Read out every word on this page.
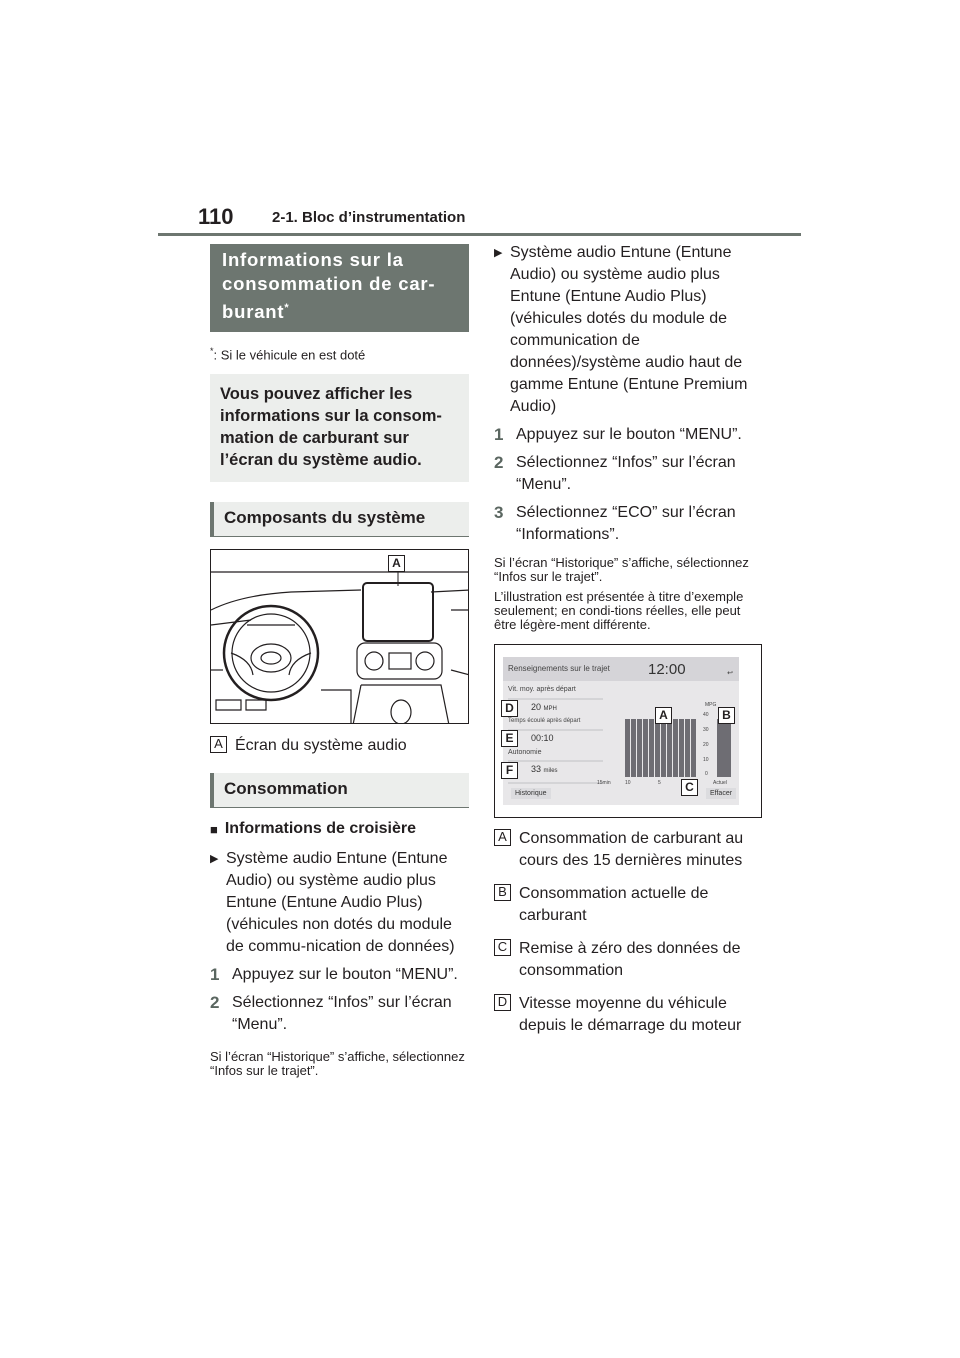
110	2-1. Bloc d’instrumentation
Informations sur la
consommation de car-
burant*
*: Si le véhicule en est doté
Vous pouvez afficher les informations sur la consom-mation de carburant sur l’écran du système audio.
Composants du système
A
A Écran du système audio
Consommation
■ Informations de croisière
▶ Système audio Entune (Entune Audio) ou système audio plus Entune (Entune Audio Plus) (véhicules non dotés du module de commu-nication de données)
1 Appuyez sur le bouton “MENU”.
2 Sélectionnez “Infos” sur l’écran “Menu”.
Si l’écran “Historique” s’affiche, sélectionnez “Infos sur le trajet”.
▶ Système audio Entune (Entune Audio) ou système audio plus Entune (Entune Audio Plus) (véhicules dotés du module de communication de données)/système audio haut de gamme Entune (Entune Premium Audio)
1 Appuyez sur le bouton “MENU”.
2 Sélectionnez “Infos” sur l’écran “Menu”.
3 Sélectionnez “ECO” sur l’écran “Informations”.
Si l’écran “Historique” s’affiche, sélectionnez “Infos sur le trajet”.
L’illustration est présentée à titre d’exemple seulement; en condi-tions réelles, elle peut être légère-ment différente.
Renseignements sur le trajet	12:00	↩
Vit. moy. après départ
20 MPH
Temps écoulé après départ
00:10
Autonomie
33 miles
MPG
40
30
20
10
0
15min	10	5	Actuel
Historique	Effacer
A	B
C
D
E
F
A Consommation de carburant au cours des 15 dernières minutes
B Consommation actuelle de carburant
C Remise à zéro des données de consommation
D Vitesse moyenne du véhicule depuis le démarrage du moteur
